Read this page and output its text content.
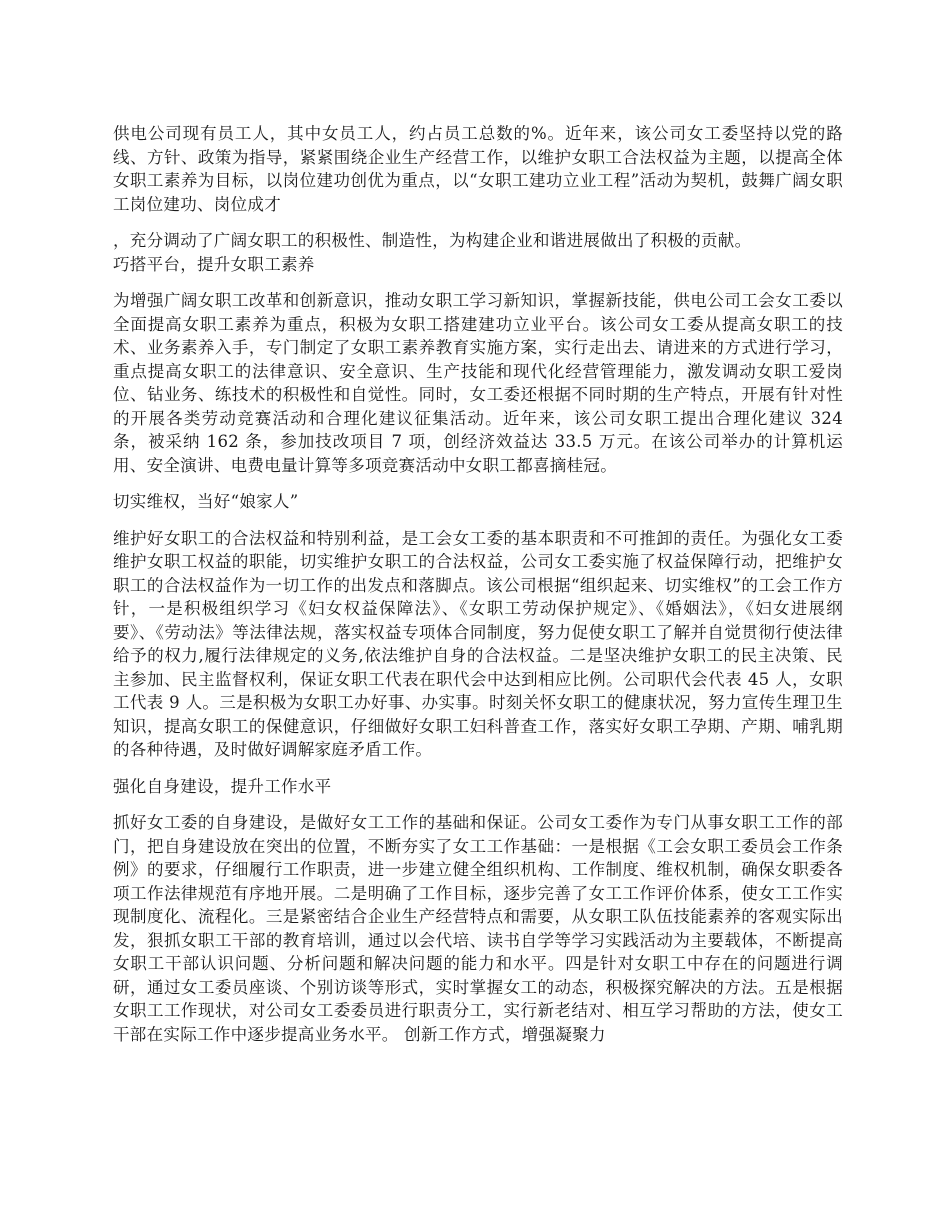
供电公司现有员工人，其中女员工人，约占员工总数的%。近年来，该公司女工委坚持以党的路线、方针、政策为指导，紧紧围绕企业生产经营工作，以维护女职工合法权益为主题，以提高全体女职工素养为目标，以岗位建功创优为重点，以“女职工建功立业工程”活动为契机，鼓舞广阔女职工岗位建功、岗位成才

，充分调动了广阔女职工的积极性、制造性，为构建企业和谐进展做出了积极的贡献。

巧搭平台，提升女职工素养

为增强广阔女职工改革和创新意识，推动女职工学习新知识，掌握新技能，供电公司工会女工委以全面提高女职工素养为重点，积极为女职工搭建建功立业平台。该公司女工委从提高女职工的技术、业务素养入手，专门制定了女职工素养教育实施方案，实行走出去、请进来的方式进行学习，重点提高女职工的法律意识、安全意识、生产技能和现代化经营管理能力，激发调动女职工爱岗位、钻业务、练技术的积极性和自觉性。同时，女工委还根据不同时期的生产特点，开展有针对性的开展各类劳动竞赛活动和合理化建议征集活动。近年来，该公司女职工提出合理化建议 324 条，被采纳 162 条，参加技改项目 7 项，创经济效益达 33.5 万元。在该公司举办的计算机运用、安全演讲、电费电量计算等多项竞赛活动中女职工都喜摘桂冠。

切实维权，当好“娘家人”

维护好女职工的合法权益和特别利益，是工会女工委的基本职责和不可推卸的责任。为强化女工委维护女职工权益的职能，切实维护女职工的合法权益，公司女工委实施了权益保障行动，把维护女职工的合法权益作为一切工作的出发点和落脚点。该公司根据“组织起来、切实维权”的工会工作方针，一是积极组织学习《妇女权益保障法》、《女职工劳动保护规定》、《婚姻法》，《妇女进展纲要》、《劳动法》等法律法规，落实权益专项体合同制度，努力促使女职工了解并自觉贯彻行使法律给予的权力,履行法律规定的义务,依法维护自身的合法权益。二是坚决维护女职工的民主决策、民主参加、民主监督权利，保证女职工代表在职代会中达到相应比例。公司职代会代表 45 人，女职工代表 9 人。三是积极为女职工办好事、办实事。时刻关怀女职工的健康状况，努力宣传生理卫生知识，提高女职工的保健意识，仔细做好女职工妇科普查工作，落实好女职工孕期、产期、哺乳期的各种待遇，及时做好调解家庭矛盾工作。

强化自身建设，提升工作水平

抓好女工委的自身建设，是做好女工工作的基础和保证。公司女工委作为专门从事女职工工作的部门，把自身建设放在突出的位置，不断夯实了女工工作基础：一是根据《工会女职工委员会工作条例》的要求，仔细履行工作职责，进一步建立健全组织机构、工作制度、维权机制，确保女职委各项工作法律规范有序地开展。二是明确了工作目标，逐步完善了女工工作评价体系，使女工工作实现制度化、流程化。三是紧密结合企业生产经营特点和需要，从女职工队伍技能素养的客观实际出发，狠抓女职工干部的教育培训，通过以会代培、读书自学等学习实践活动为主要载体，不断提高女职工干部认识问题、分析问题和解决问题的能力和水平。四是针对女职工中存在的问题进行调研，通过女工委员座谈、个别访谈等形式，实时掌握女工的动态，积极探究解决的方法。五是根据女职工工作现状，对公司女工委委员进行职责分工，实行新老结对、相互学习帮助的方法，使女工干部在实际工作中逐步提高业务水平。 创新工作方式，增强凝聚力
